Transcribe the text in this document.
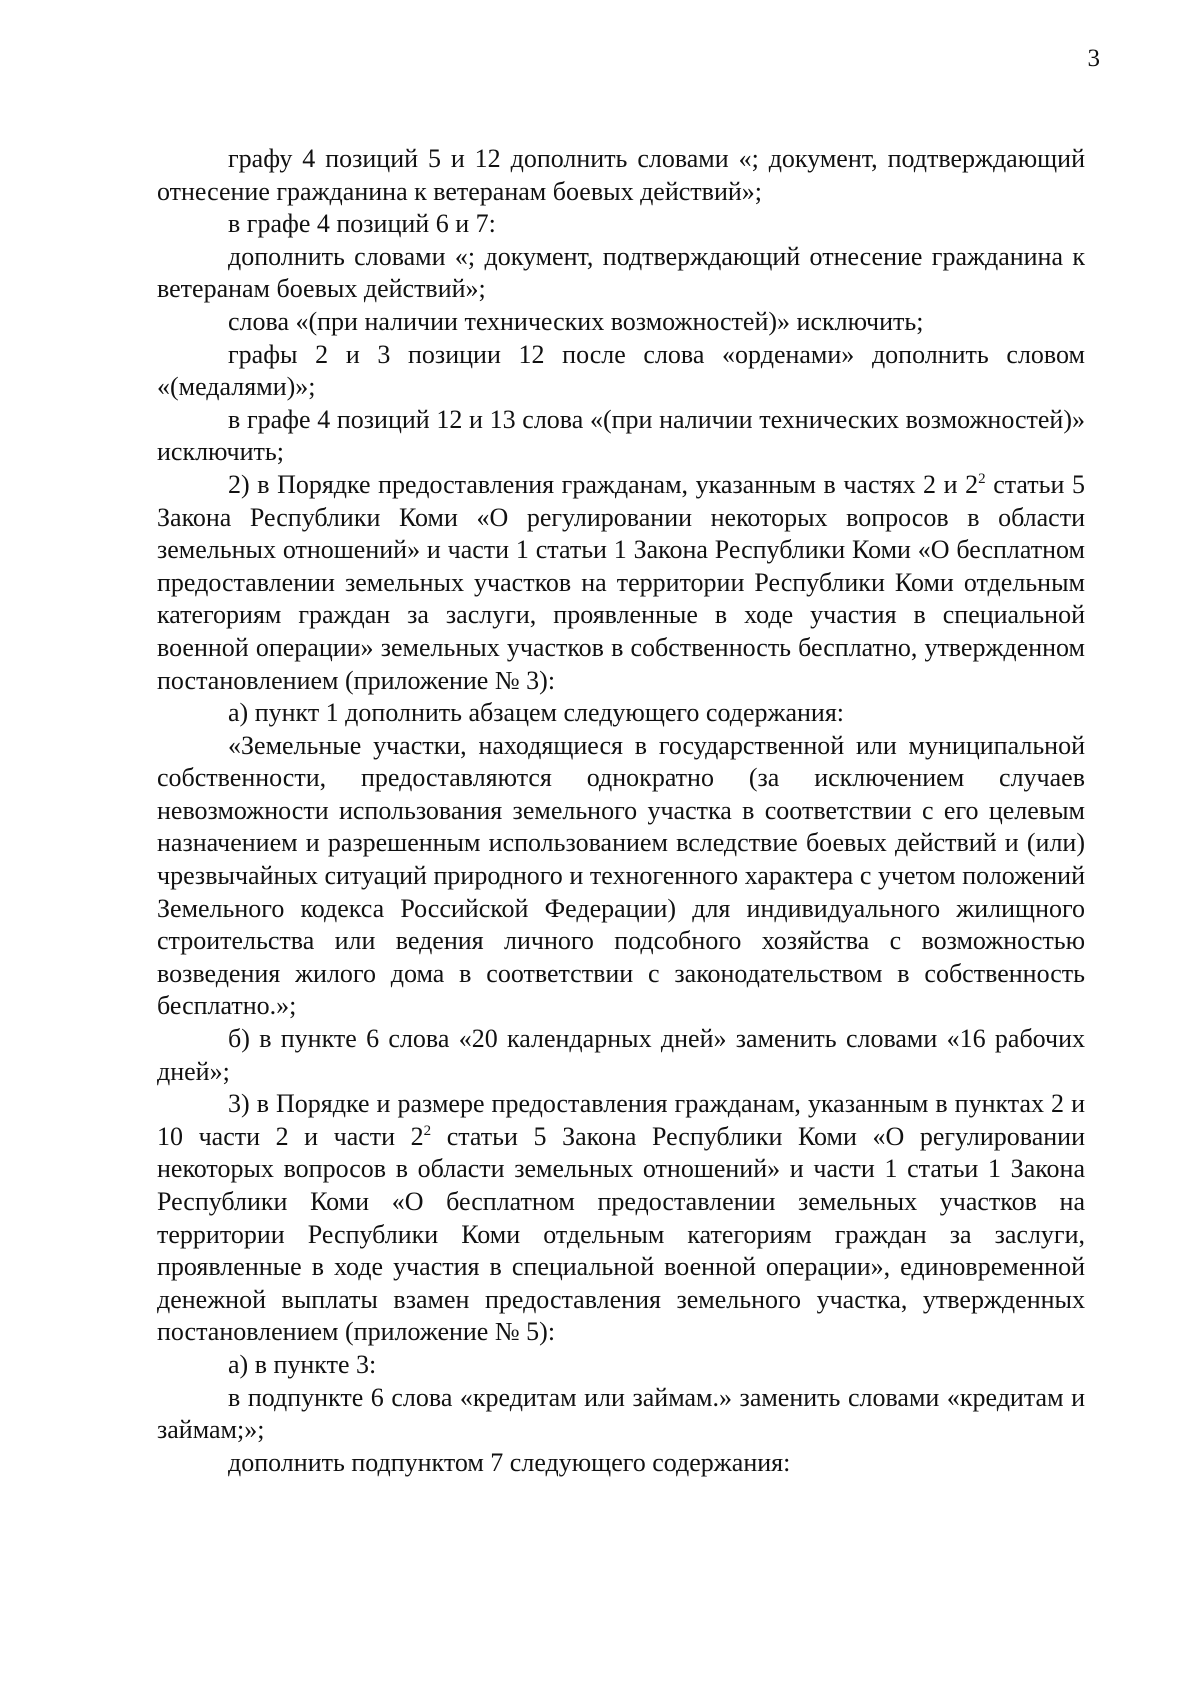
3

графу 4 позиций 5 и 12 дополнить словами «; документ, подтверждающий отнесение гражданина к ветеранам боевых действий»;

в графе 4 позиций 6 и 7:

дополнить словами «; документ, подтверждающий отнесение гражданина к ветеранам боевых действий»;

слова «(при наличии технических возможностей)» исключить;

графы 2 и 3 позиции 12 после слова «орденами» дополнить словом «(медалями)»;

в графе 4 позиций 12 и 13 слова «(при наличии технических возможностей)» исключить;

2) в Порядке предоставления гражданам, указанным в частях 2 и $2^2$ статьи 5 Закона Республики Коми «О регулировании некоторых вопросов в области земельных отношений» и части 1 статьи 1 Закона Республики Коми «О бесплатном предоставлении земельных участков на территории Республики Коми отдельным категориям граждан за заслуги, проявленные в ходе участия в специальной военной операции» земельных участков в собственность бесплатно, утвержденном постановлением (приложение № 3):

а) пункт 1 дополнить абзацем следующего содержания:

«Земельные участки, находящиеся в государственной или муниципальной собственности, предоставляются однократно (за исключением случаев невозможности использования земельного участка в соответствии с его целевым назначением и разрешенным использованием вследствие боевых действий и (или) чрезвычайных ситуаций природного и техногенного характера с учетом положений Земельного кодекса Российской Федерации) для индивидуального жилищного строительства или ведения личного подсобного хозяйства с возможностью возведения жилого дома в соответствии с законодательством в собственность бесплатно.»;

б) в пункте 6 слова «20 календарных дней» заменить словами «16 рабочих дней»;

3) в Порядке и размере предоставления гражданам, указанным в пунктах 2 и 10 части 2 и части $2^2$ статьи 5 Закона Республики Коми «О регулировании некоторых вопросов в области земельных отношений» и части 1 статьи 1 Закона Республики Коми «О бесплатном предоставлении земельных участков на территории Республики Коми отдельным категориям граждан за заслуги, проявленные в ходе участия в специальной военной операции», единовременной денежной выплаты взамен предоставления земельного участка, утвержденных постановлением (приложение № 5):

а) в пункте 3:

в подпункте 6 слова «кредитам или займам.» заменить словами «кредитам и займам;»;

дополнить подпунктом 7 следующего содержания:
